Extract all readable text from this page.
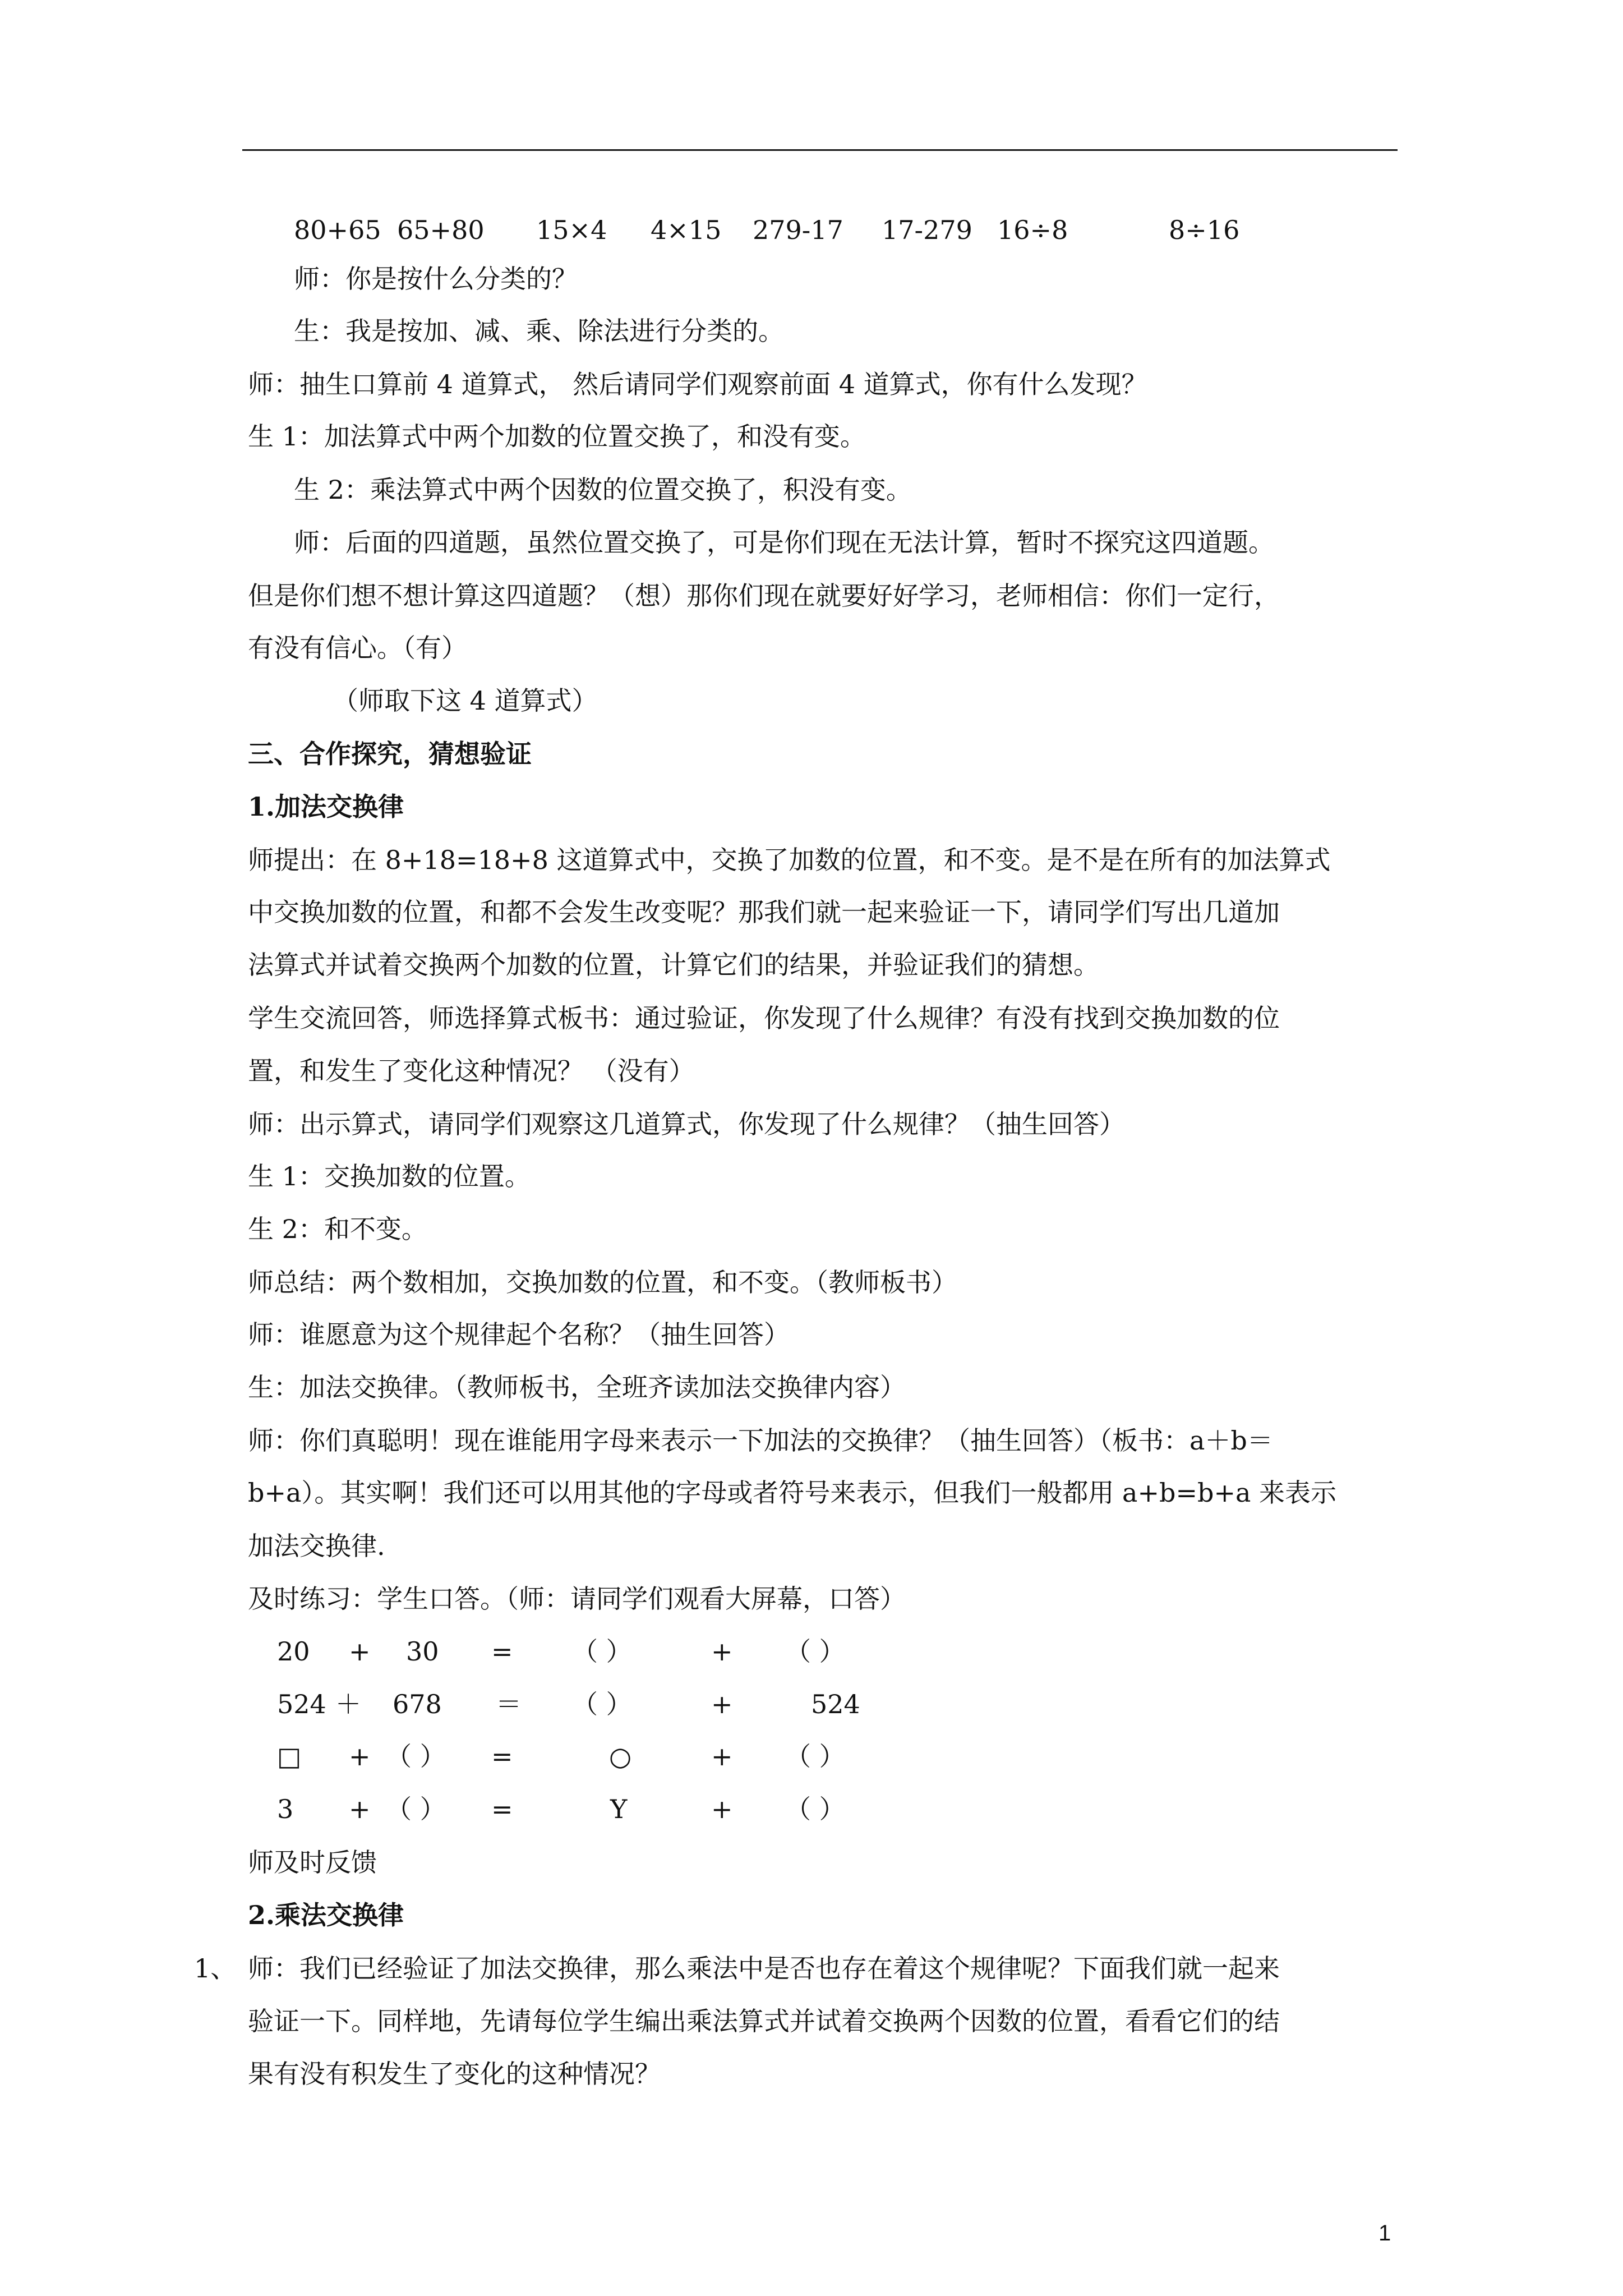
80+65 65+80 15×4 4×15 279-17 17-279 16÷8	8÷16
师：你是按什么分类的？
生：我是按加、减、乘、除法进行分类的。
师：抽生口算前 4 道算式， 然后请同学们观察前面 4 道算式，你有什么发现？
生 1：加法算式中两个加数的位置交换了，和没有变。
生 2：乘法算式中两个因数的位置交换了，积没有变。
师：后面的四道题，虽然位置交换了，可是你们现在无法计算，暂时不探究这四道题。
但是你们想不想计算这四道题？（想）那你们现在就要好好学习，老师相信：你们一定行，
有没有信心。（有）
（师取下这 4 道算式）
三、合作探究，猜想验证
1.加法交换律
师提出：在 8+18=18+8 这道算式中，交换了加数的位置，和不变。是不是在所有的加法算式
中交换加数的位置，和都不会发生改变呢？那我们就一起来验证一下，请同学们写出几道加
法算式并试着交换两个加数的位置，计算它们的结果，并验证我们的猜想。
学生交流回答，师选择算式板书：通过验证，你发现了什么规律？有没有找到交换加数的位
置，和发生了变化这种情况？ （没有）
师：出示算式，请同学们观察这几道算式，你发现了什么规律？（抽生回答）
生 1：交换加数的位置。
生 2：和不变。
师总结：两个数相加，交换加数的位置，和不变。（教师板书）
师：谁愿意为这个规律起个名称？（抽生回答）
生：加法交换律。（教师板书，全班齐读加法交换律内容）
师：你们真聪明！现在谁能用字母来表示一下加法的交换律？（抽生回答）（板书：a＋b＝
b+a）。其实啊！我们还可以用其他的字母或者符号来表示，但我们一般都用 a+b=b+a 来表示
加法交换律.
及时练习：学生口答。（师：请同学们观看大屏幕，口答）
20 + 30 = （ ）	+ （ ）
524 ＋ 678 ＝ （ ）	+	524
□ + （ ） =	○	+ （ ）
3 + （ ） =	Y	+ （ ）
师及时反馈
2.乘法交换律
1、 师：我们已经验证了加法交换律，那么乘法中是否也存在着这个规律呢？下面我们就一起来
验证一下。同样地，先请每位学生编出乘法算式并试着交换两个因数的位置，看看它们的结
果有没有积发生了变化的这种情况？
1
